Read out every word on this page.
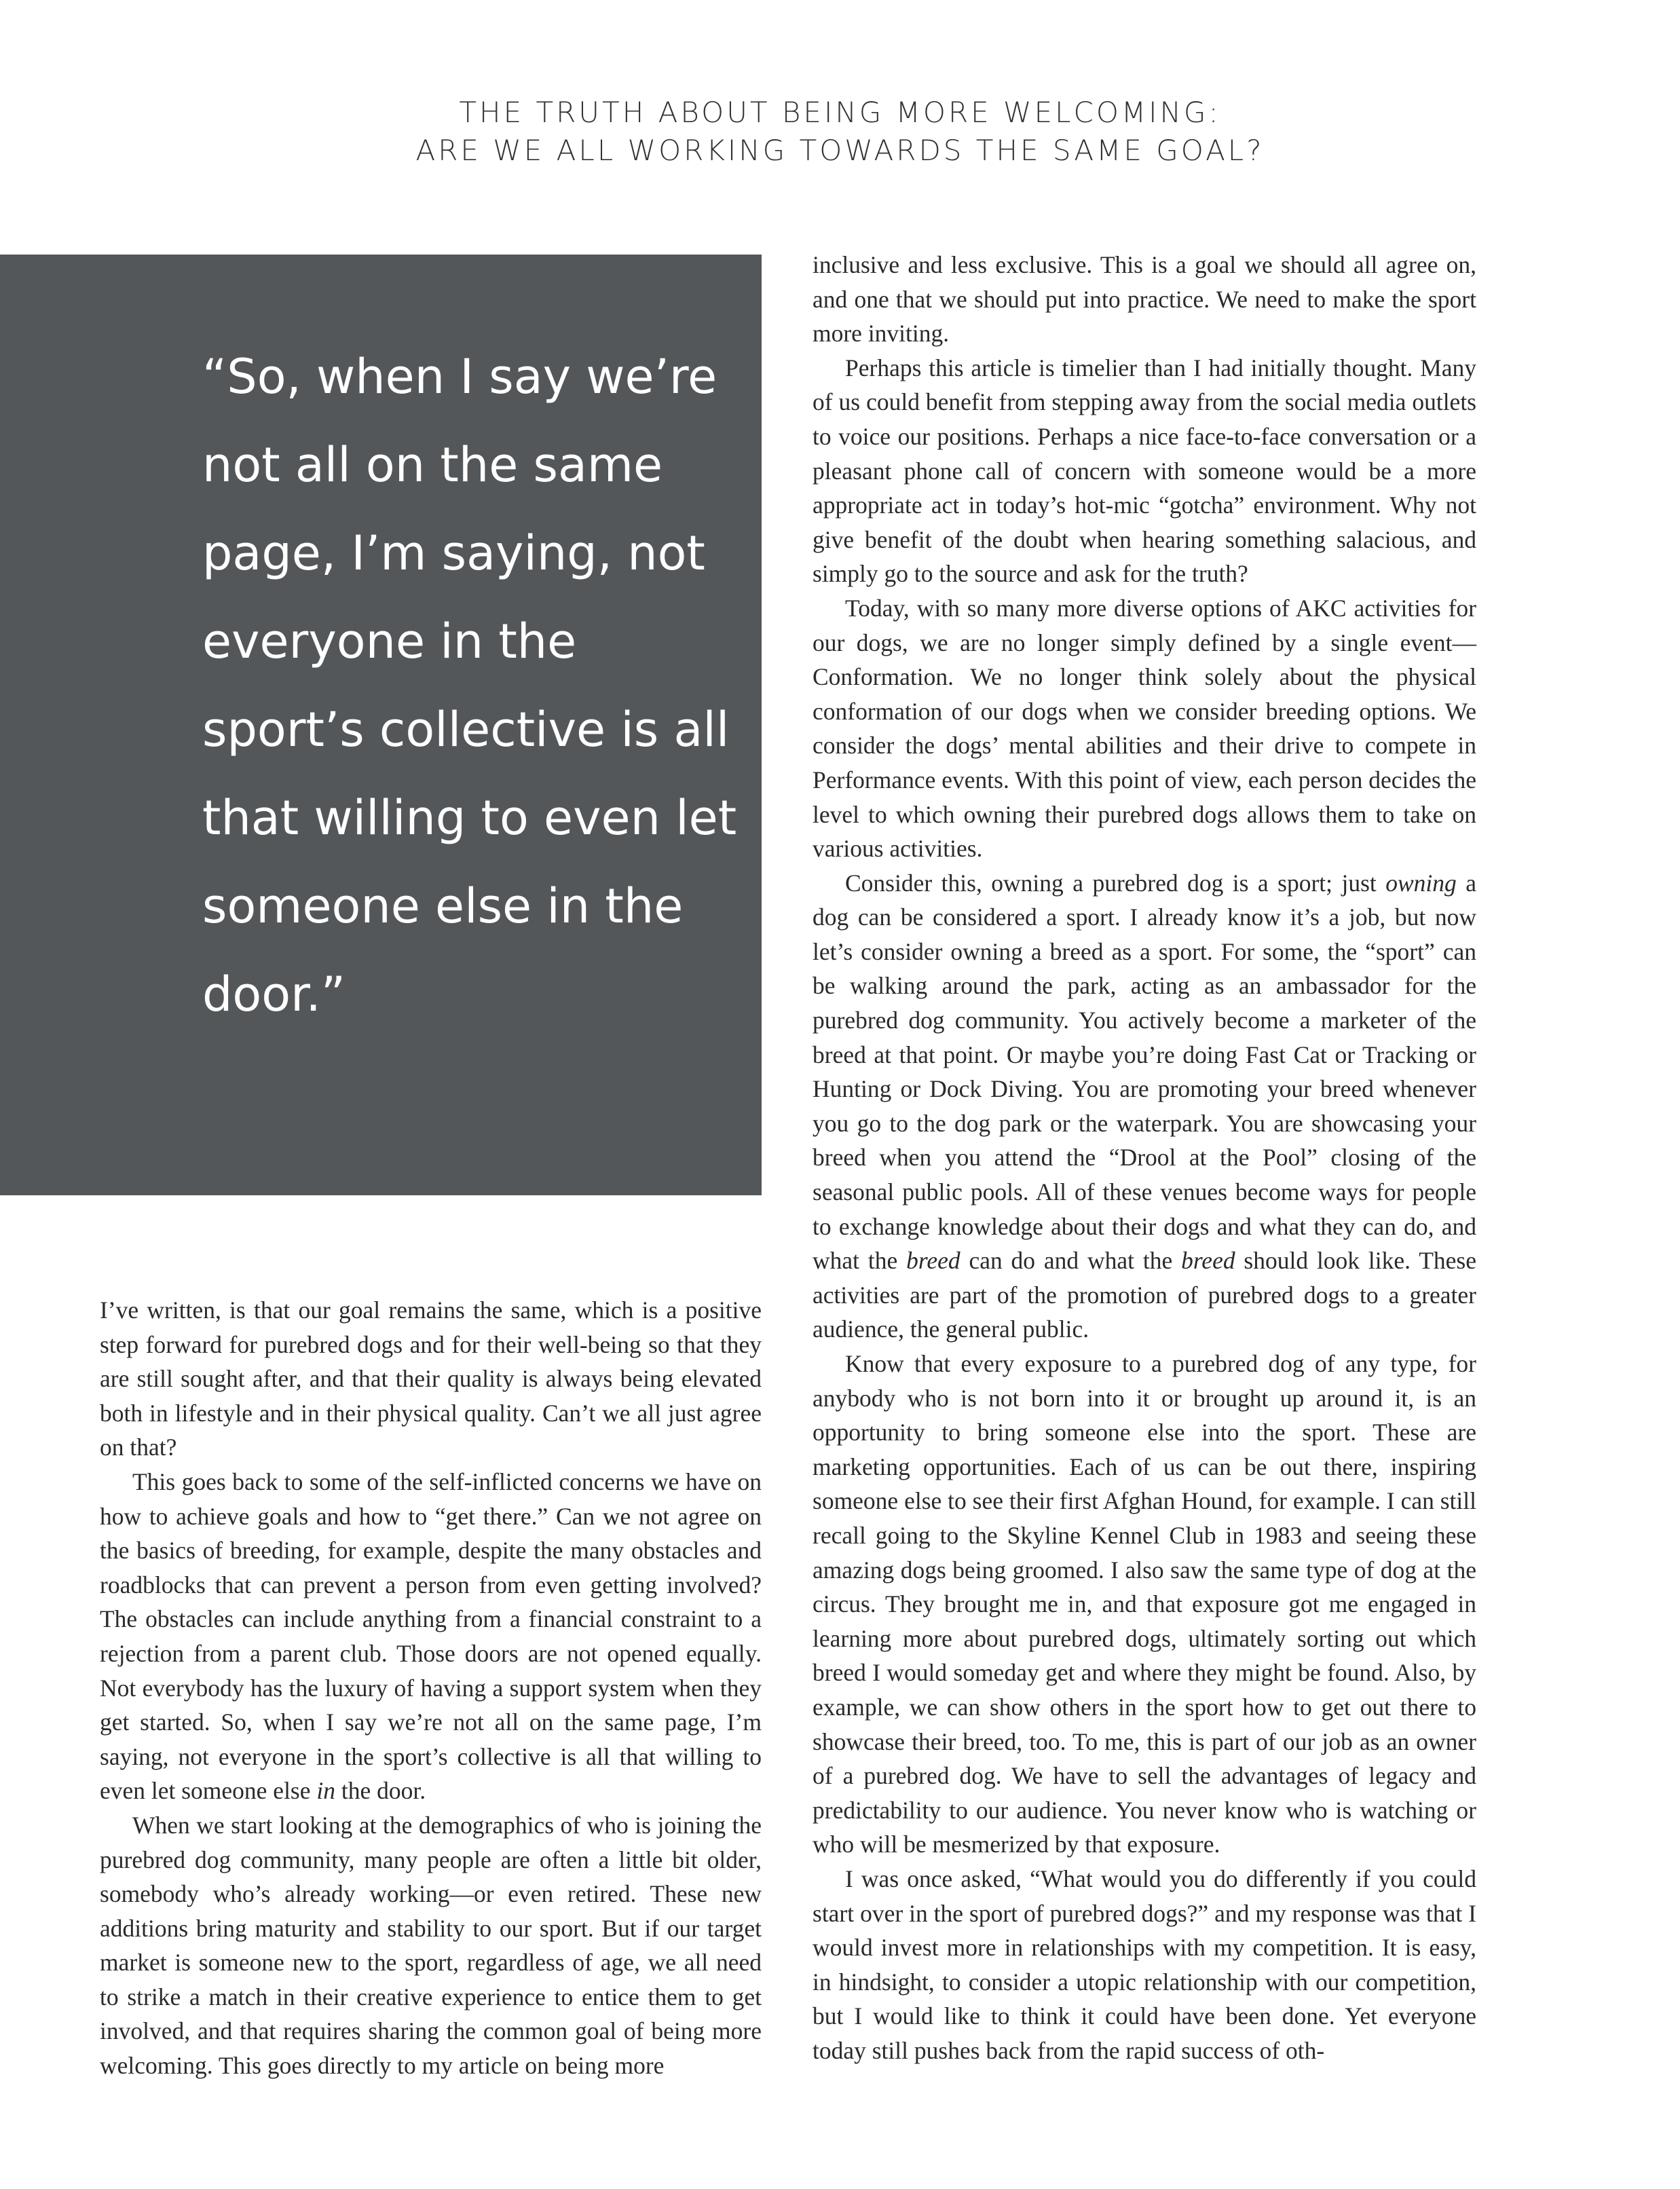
THE TRUTH ABOUT BEING MORE WELCOMING:
ARE WE ALL WORKING TOWARDS THE SAME GOAL?

“So, when I say we’re not all on the same page, I’m saying, not everyone in the sport’s collective is all that willing to even let someone else in the door.”

I’ve written, is that our goal remains the same, which is a positive step forward for purebred dogs and for their well-being so that they are still sought after, and that their quality is always being elevated both in lifestyle and in their physical quality. Can’t we all just agree on that?

This goes back to some of the self-inflicted concerns we have on how to achieve goals and how to “get there.” Can we not agree on the basics of breeding, for example, despite the many obstacles and roadblocks that can prevent a person from even getting involved? The obstacles can include anything from a financial constraint to a rejection from a parent club. Those doors are not opened equally. Not everybody has the luxury of having a support system when they get started. So, when I say we’re not all on the same page, I’m saying, not everyone in the sport’s collective is all that willing to even let someone else in the door.

When we start looking at the demographics of who is joining the purebred dog community, many people are often a little bit older, somebody who’s already working—or even retired. These new additions bring maturity and stability to our sport. But if our target market is someone new to the sport, regardless of age, we all need to strike a match in their creative experience to entice them to get involved, and that requires sharing the common goal of being more welcoming. This goes directly to my article on being more

inclusive and less exclusive. This is a goal we should all agree on, and one that we should put into practice. We need to make the sport more inviting.

Perhaps this article is timelier than I had initially thought. Many of us could benefit from stepping away from the social media outlets to voice our positions. Perhaps a nice face-to-face conversation or a pleasant phone call of concern with someone would be a more appropriate act in today’s hot-mic “gotcha” environment. Why not give benefit of the doubt when hearing something salacious, and simply go to the source and ask for the truth?

Today, with so many more diverse options of AKC activities for our dogs, we are no longer simply defined by a single event—Conformation. We no longer think solely about the physical conformation of our dogs when we consider breeding options. We consider the dogs’ mental abilities and their drive to compete in Performance events. With this point of view, each person decides the level to which owning their purebred dogs allows them to take on various activities.

Consider this, owning a purebred dog is a sport; just owning a dog can be considered a sport. I already know it’s a job, but now let’s consider owning a breed as a sport. For some, the “sport” can be walking around the park, acting as an ambassador for the purebred dog community. You actively become a marketer of the breed at that point. Or maybe you’re doing Fast Cat or Tracking or Hunting or Dock Diving. You are promoting your breed whenever you go to the dog park or the waterpark. You are showcasing your breed when you attend the “Drool at the Pool” closing of the seasonal public pools. All of these venues become ways for people to exchange knowledge about their dogs and what they can do, and what the breed can do and what the breed should look like. These activities are part of the promotion of purebred dogs to a greater audience, the general public.

Know that every exposure to a purebred dog of any type, for anybody who is not born into it or brought up around it, is an opportunity to bring someone else into the sport. These are marketing opportunities. Each of us can be out there, inspiring someone else to see their first Afghan Hound, for example. I can still recall going to the Skyline Kennel Club in 1983 and seeing these amazing dogs being groomed. I also saw the same type of dog at the circus. They brought me in, and that exposure got me engaged in learning more about purebred dogs, ultimately sorting out which breed I would someday get and where they might be found. Also, by example, we can show others in the sport how to get out there to showcase their breed, too. To me, this is part of our job as an owner of a purebred dog. We have to sell the advantages of legacy and predictability to our audience. You never know who is watching or who will be mesmerized by that exposure.

I was once asked, “What would you do differently if you could start over in the sport of purebred dogs?” and my response was that I would invest more in relationships with my competition. It is easy, in hindsight, to consider a utopic relationship with our competition, but I would like to think it could have been done. Yet everyone today still pushes back from the rapid success of oth-
